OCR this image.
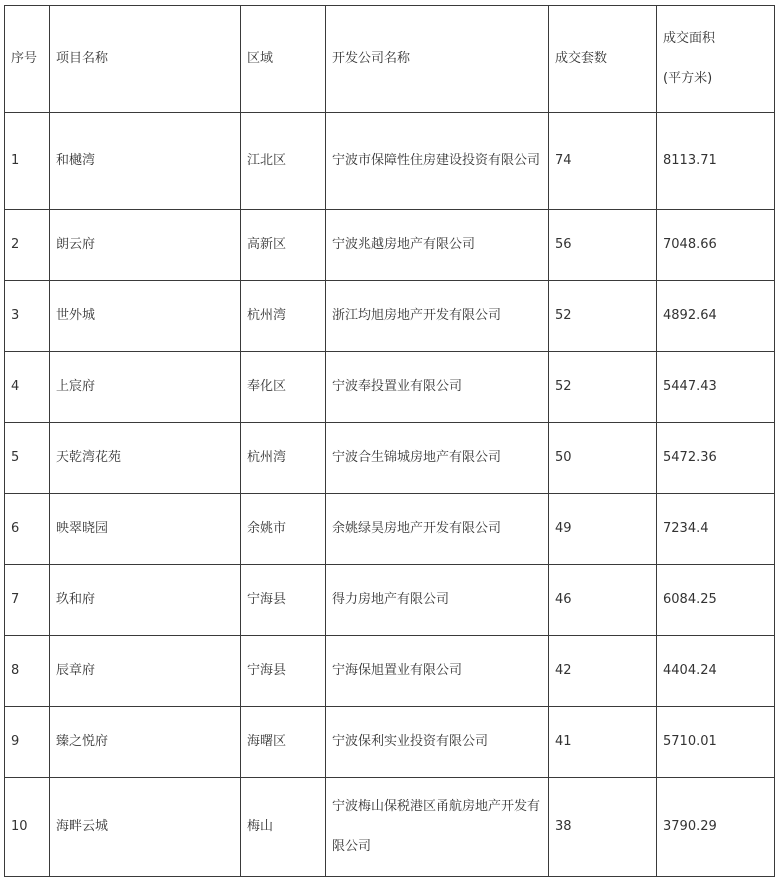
序号	项目名称	区域	开发公司名称	成交套数	成交面积
(平方米)
1	和樾湾	江北区	宁波市保障性住房建设投资有限公司	74	8113.71
2	朗云府	高新区	宁波兆越房地产有限公司	56	7048.66
3	世外城	杭州湾	浙江均旭房地产开发有限公司	52	4892.64
4	上宸府	奉化区	宁波奉投置业有限公司	52	5447.43
5	天乾湾花苑	杭州湾	宁波合生锦城房地产有限公司	50	5472.36
6	映翠晓园	余姚市	余姚绿昊房地产开发有限公司	49	7234.4
7	玖和府	宁海县	得力房地产有限公司	46	6084.25
8	辰章府	宁海县	宁海保旭置业有限公司	42	4404.24
9	臻之悦府	海曙区	宁波保利实业投资有限公司	41	5710.01
10	海畔云城	梅山	宁波梅山保税港区甬航房地产开发有限公司	38	3790.29
